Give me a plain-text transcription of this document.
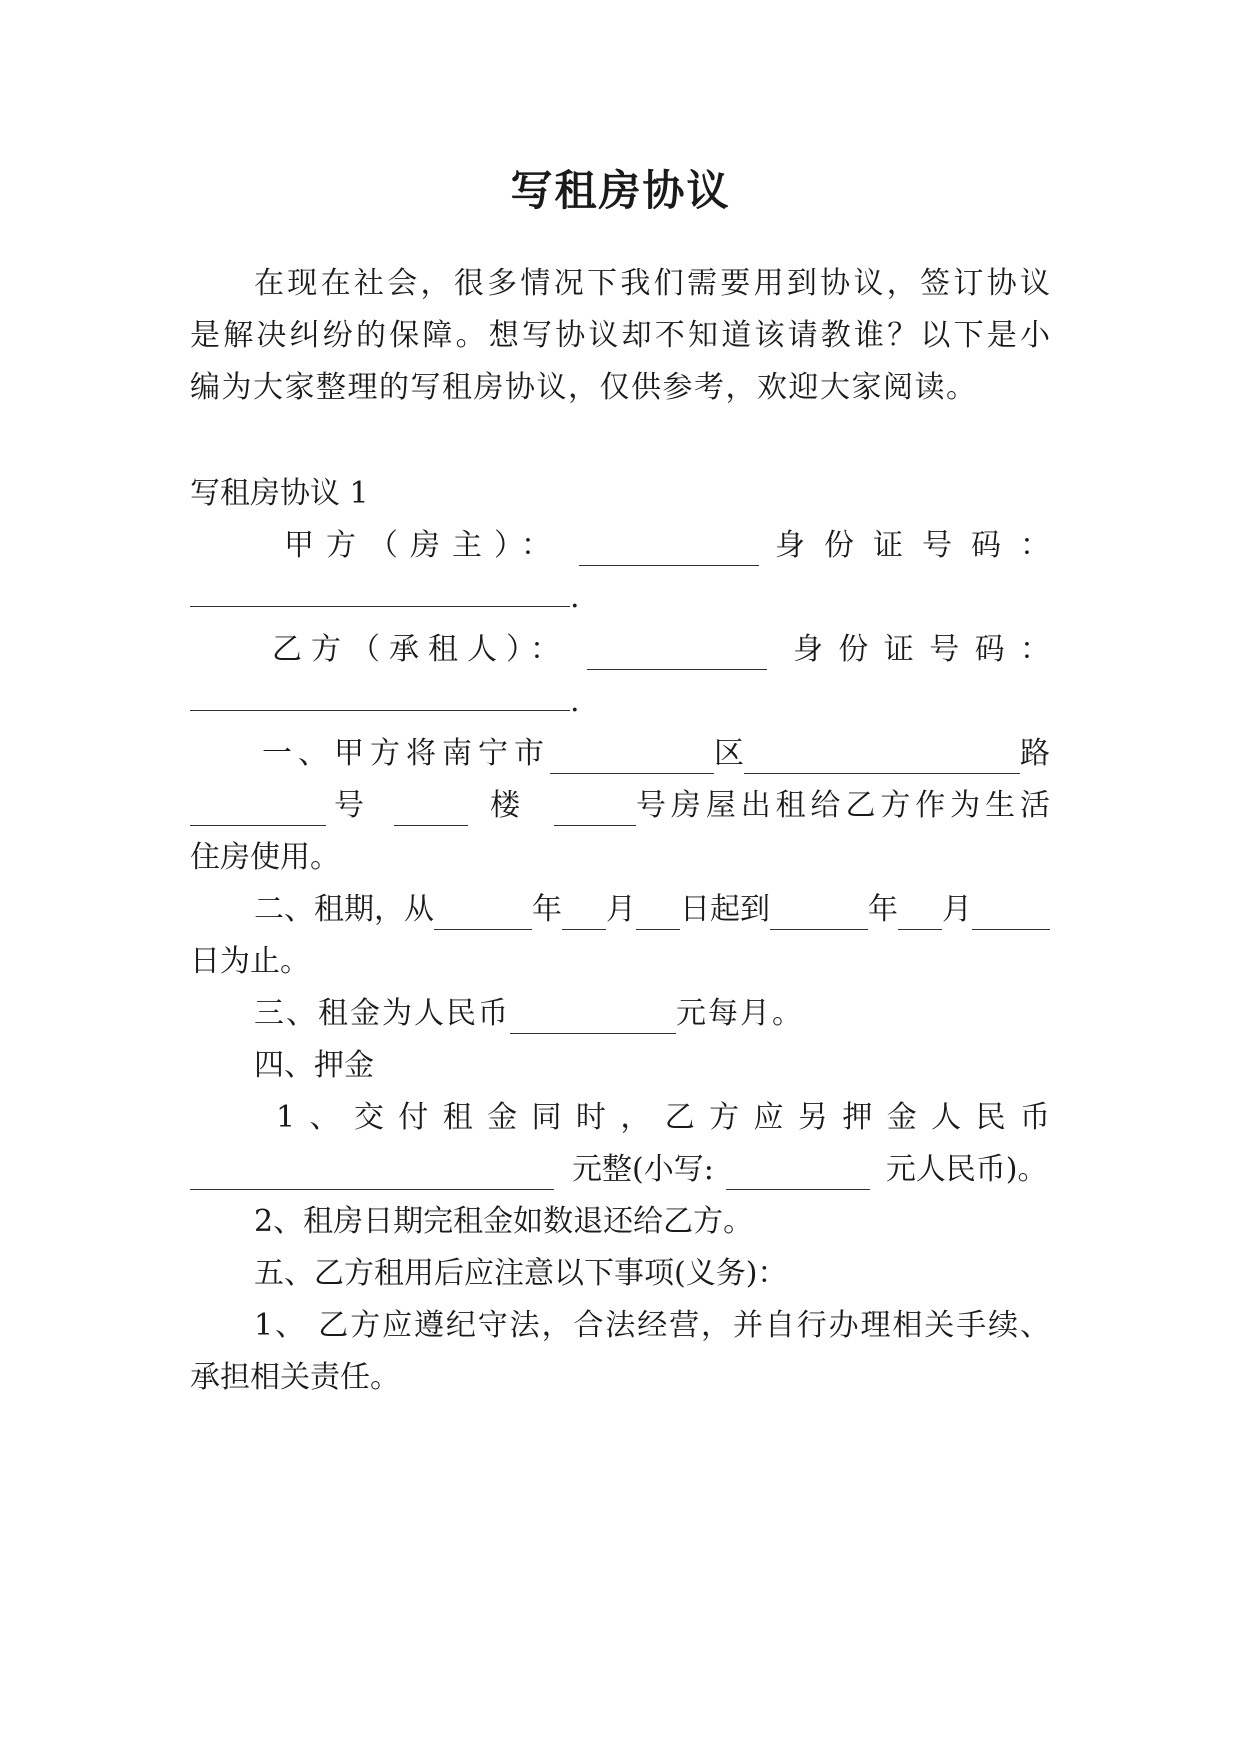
写租房协议

在现在社会，很多情况下我们需要用到协议，签订协议

是解决纠纷的保障。想写协议却不知道该请教谁？以下是小

编为大家整理的写租房协议，仅供参考，欢迎大家阅读。

写租房协议 1

甲方（房主）：	身份证号码：
.
乙方（承租人）：	身份证号码：
.
一、甲方将南宁市	区	路
号	楼	号房屋出租给乙方作为生活

住房使用。

二、租期，从	年 月 日起到	年 月

日为止。

三、租金为人民币	元每月。

四、押金

1、交付租金同时，乙方应另押金人民币

元整(小写:	元人民币)。

2、租房日期完租金如数退还给乙方。

五、乙方租用后应注意以下事项(义务)：

1、 乙方应遵纪守法，合法经营，并自行办理相关手续、

承担相关责任。
